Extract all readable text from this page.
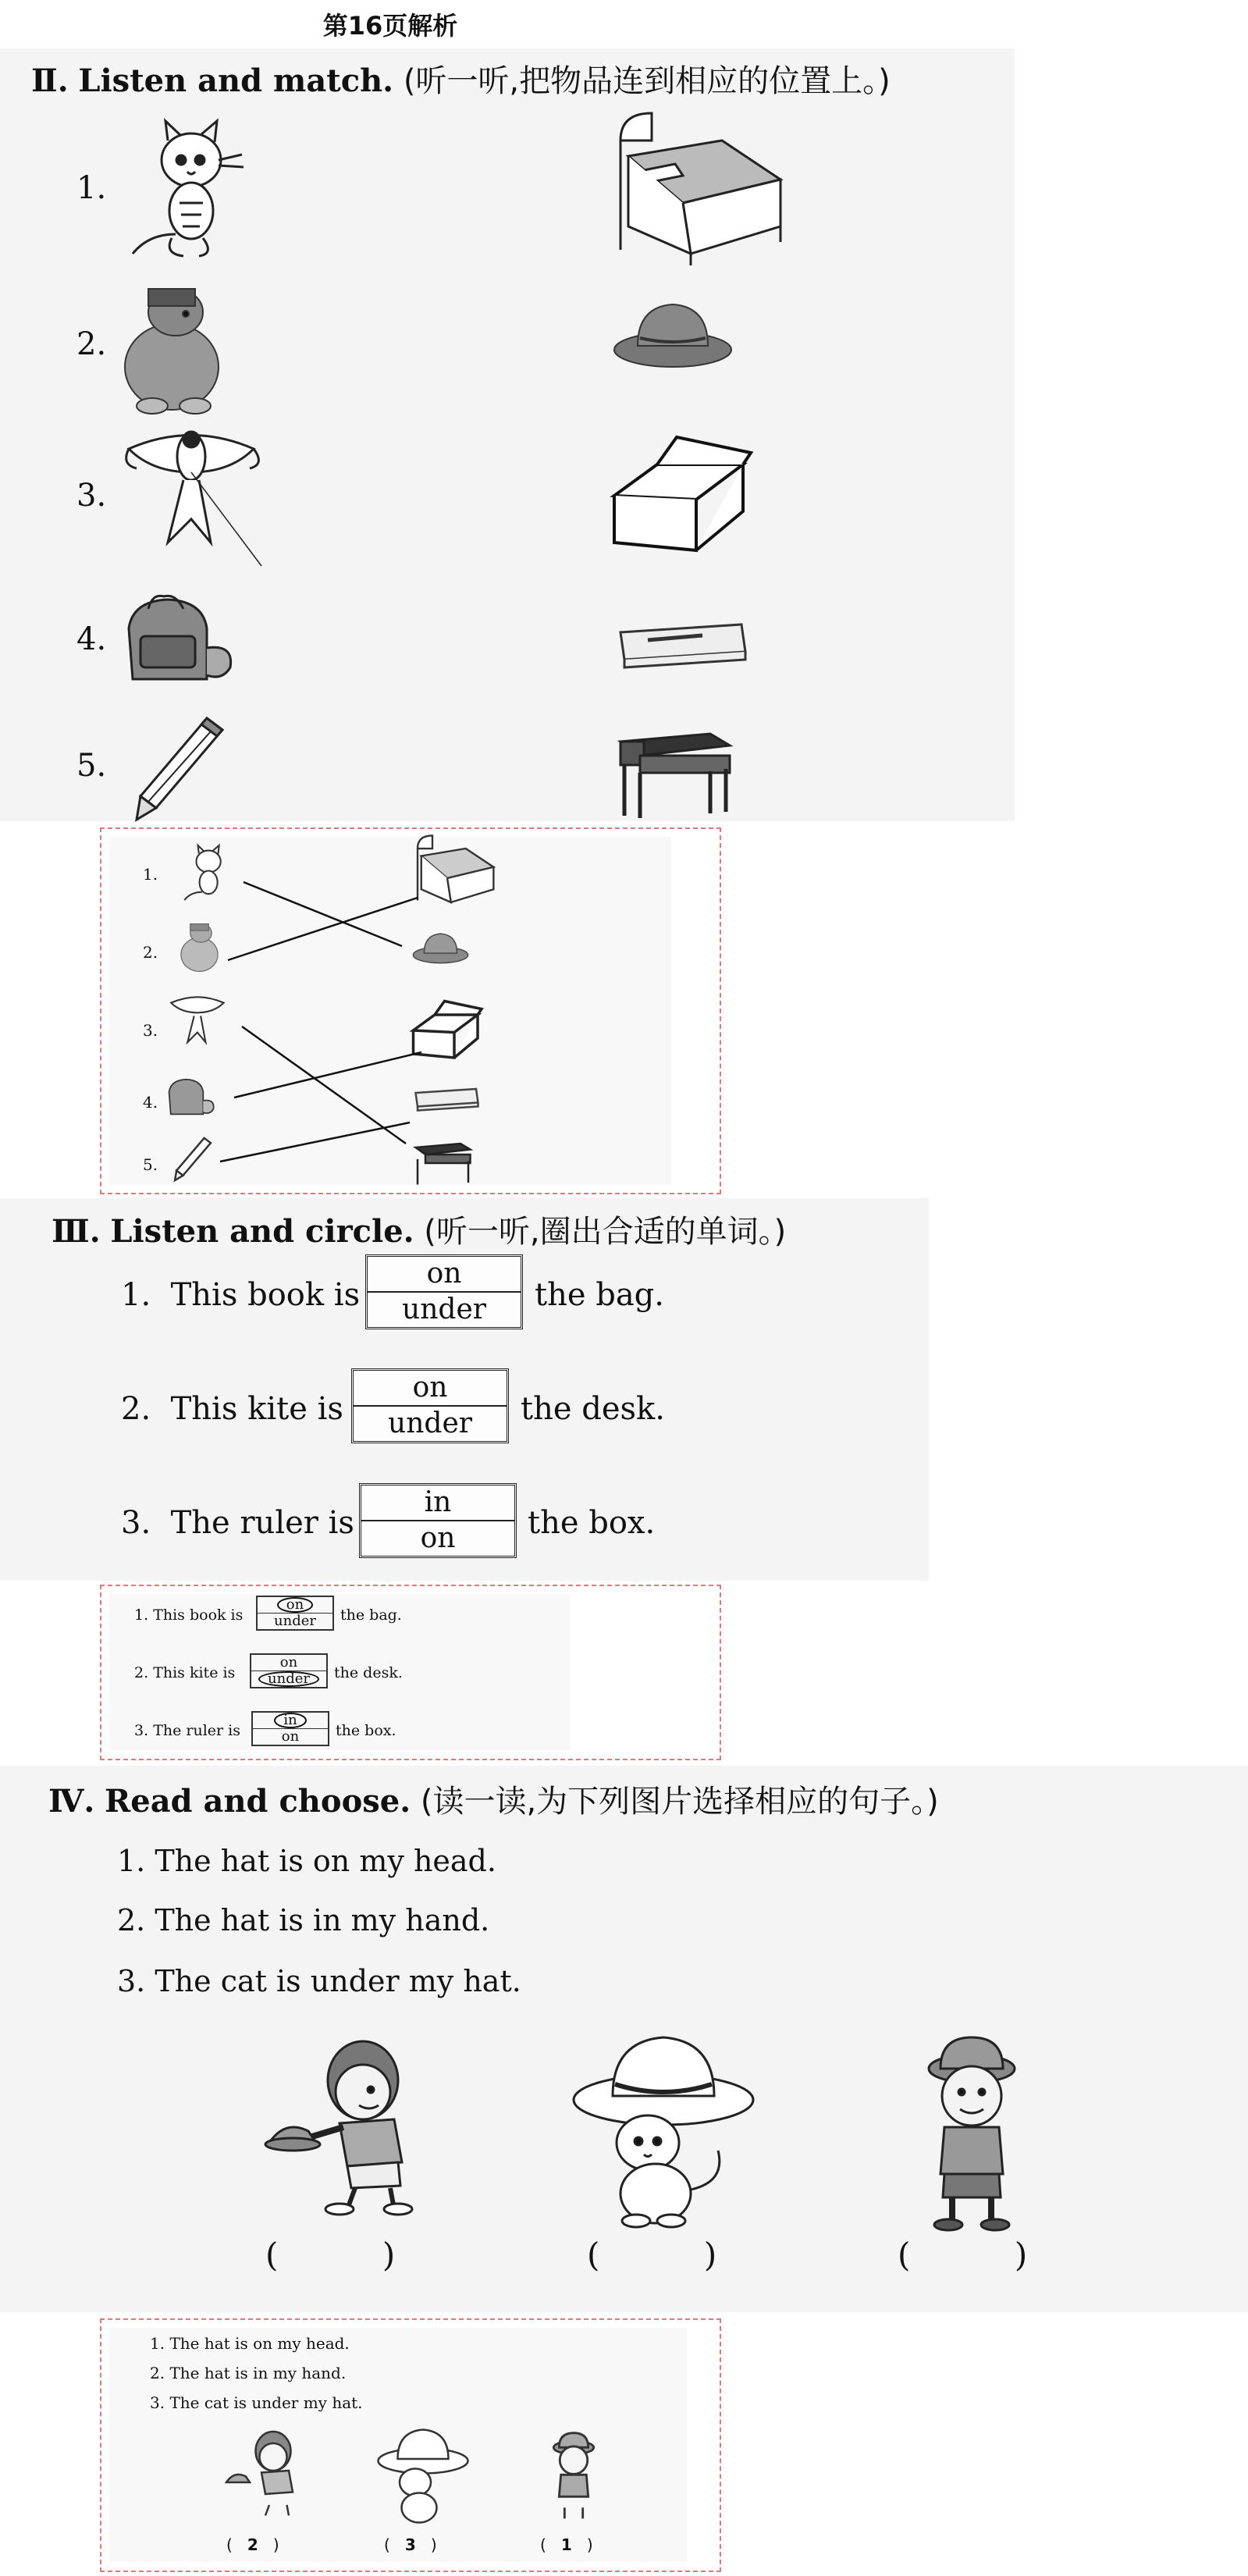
第16页解析
Ⅱ. Listen and match. (听一听,把物品连到相应的位置上。)
1.
2.
3.
4.
5.
1.
2.
3.
4.
5.
Ⅲ. Listen and circle. (听一听,圈出合适的单词。)
1. This book is
on
under	the bag.
2. This kite is
on
under	the desk.
3. The ruler is
in
on	the box.
1. This book is
on
under	the bag.
2. This kite is
on
under	the desk.
3. The ruler is
in
on	the box.
Ⅳ. Read and choose. (读一读,为下列图片选择相应的句子。)
1. The hat is on my head.
2. The hat is in my hand.
3. The cat is under my hat.
(          )	(          )	(          )
1. The hat is on my head.
2. The hat is in my hand.
3. The cat is under my hat.
(   2   )	(   3   )	(   1   )
